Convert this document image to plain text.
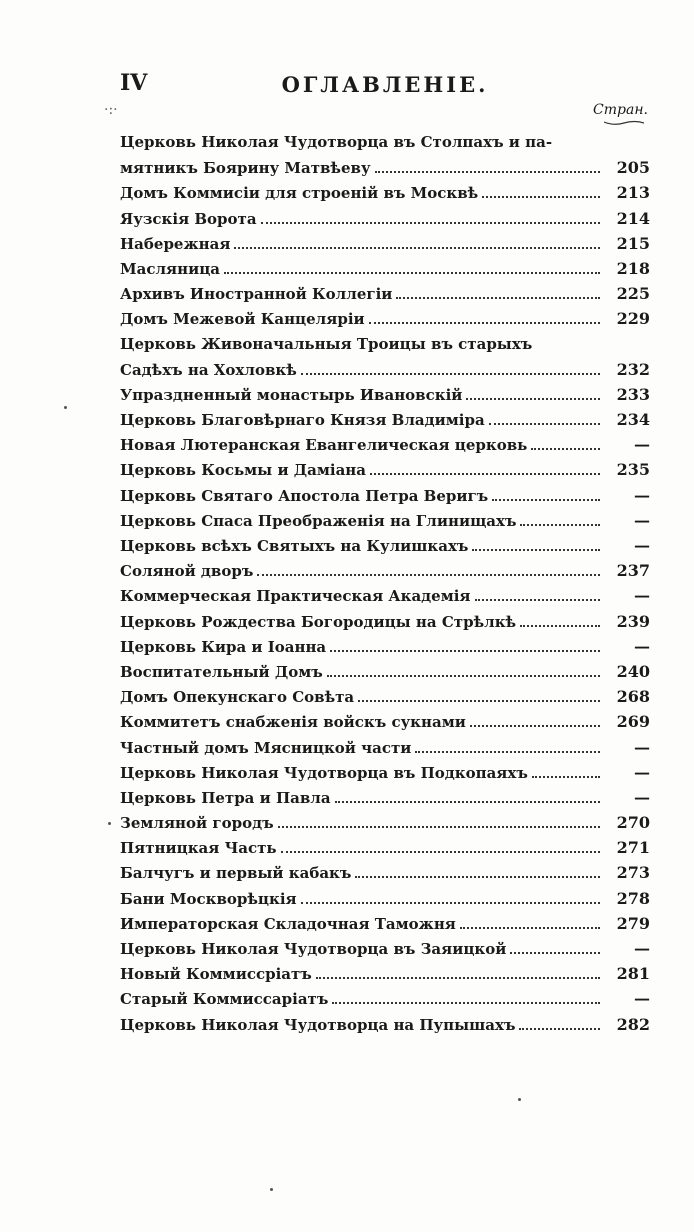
IV	ОГЛАВЛЕНІЕ.
·:·	Стран.
Церковь Николая Чудотворца въ Столпахъ и па-
мятникъ Боярину Матвѣеву	205
Домъ Коммисіи для строеній въ Москвѣ	213
Яузскія Ворота	214
Набережная	215
Масляница	218
Архивъ Иностранной Коллегіи	225
Домъ Межевой Канцеляріи	229
Церковь Живоначальныя Троицы въ старыхъ
Садѣхъ на Хохловкѣ	232
Упраздненный монастырь Ивановскій	233
Церковь Благовѣрнаго Князя Владиміра	234
Новая Лютеранская Евангелическая церковь	—
Церковь Косьмы и Даміана	235
Церковь Святаго Апостола Петра Веригъ	—
Церковь Спаса Преображенія на Глинищахъ	—
Церковь всѣхъ Святыхъ на Кулишкахъ	—
Соляной дворъ	237
Коммерческая Практическая Академія	—
Церковь Рождества Богородицы на Стрѣлкѣ	239
Церковь Кира и Іоанна	—
Воспитательный Домъ	240
Домъ Опекунскаго Совѣта	268
Коммитетъ снабженія войскъ сукнами	269
Частный домъ Мясницкой части	—
Церковь Николая Чудотворца въ Подкопаяхъ	—
Церковь Петра и Павла	—
Земляной городъ	270
Пятницкая Часть	271
Балчугъ и первый кабакъ	273
Бани Москворѣцкія	278
Императорская Складочная Таможня	279
Церковь Николая Чудотворца въ Заяицкой	—
Новый Коммиссріатъ	281
Старый Коммиссаріатъ	—
Церковь Николая Чудотворца на Пупышахъ	282
